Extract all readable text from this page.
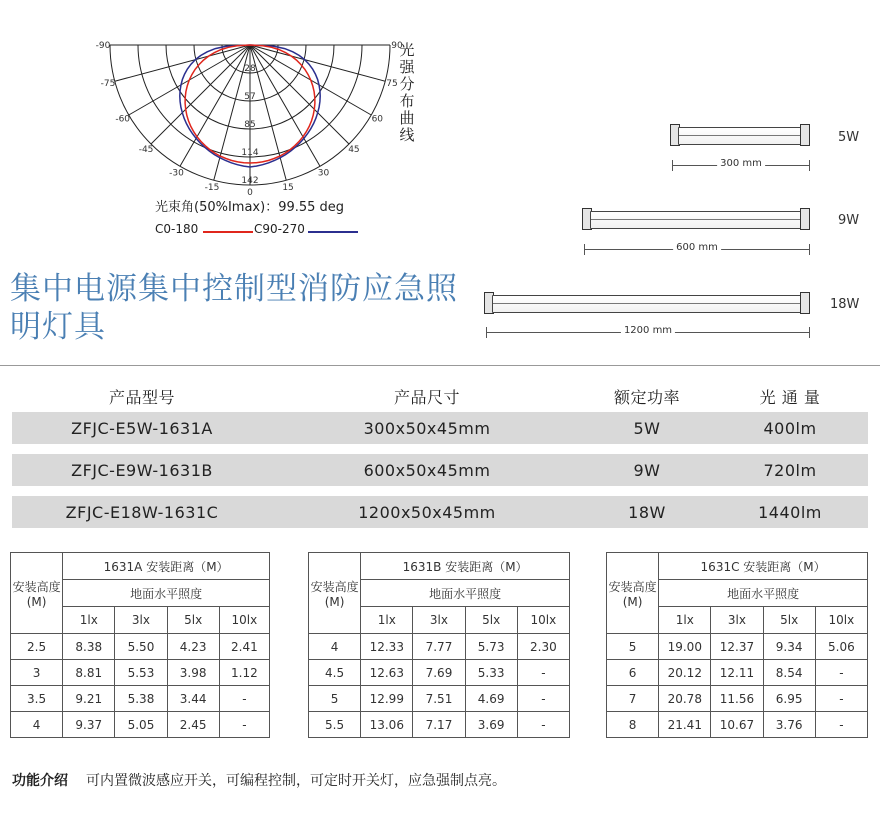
-90
-75
-60
-45
-30
-15
0
15
30
45
60
75
90
28
57
85
114
142
光强分布曲线
光束角(50%Imax)：99.55 deg
C0-180	C90-270
集中电源集中控制型消防应急照明灯具
300 mm
5W
600 mm
9W
1200 mm
18W
产品型号	产品尺寸	额定功率	光 通 量
ZFJC-E5W-1631A	300x50x45mm	5W	400lm
ZFJC-E9W-1631B	600x50x45mm	9W	720lm
ZFJC-E18W-1631C	1200x50x45mm	18W	1440lm
安装高度(M)	1631A 安装距离（M）			
	地面水平照度			
	1lx	3lx	5lx	10lx
2.5	8.38	5.50	4.23	2.41
3	8.81	5.53	3.98	1.12
3.5	9.21	5.38	3.44	-
4	9.37	5.05	2.45	-
安装高度(M)	1631B 安装距离（M）			
	地面水平照度			
	1lx	3lx	5lx	10lx
4	12.33	7.77	5.73	2.30
4.5	12.63	7.69	5.33	-
5	12.99	7.51	4.69	-
5.5	13.06	7.17	3.69	-
安装高度(M)	1631C 安装距离（M）			
	地面水平照度			
	1lx	3lx	5lx	10lx
5	19.00	12.37	9.34	5.06
6	20.12	12.11	8.54	-
7	20.78	11.56	6.95	-
8	21.41	10.67	3.76	-
功能介绍 可内置微波感应开关，可编程控制，可定时开关灯，应急强制点亮。
